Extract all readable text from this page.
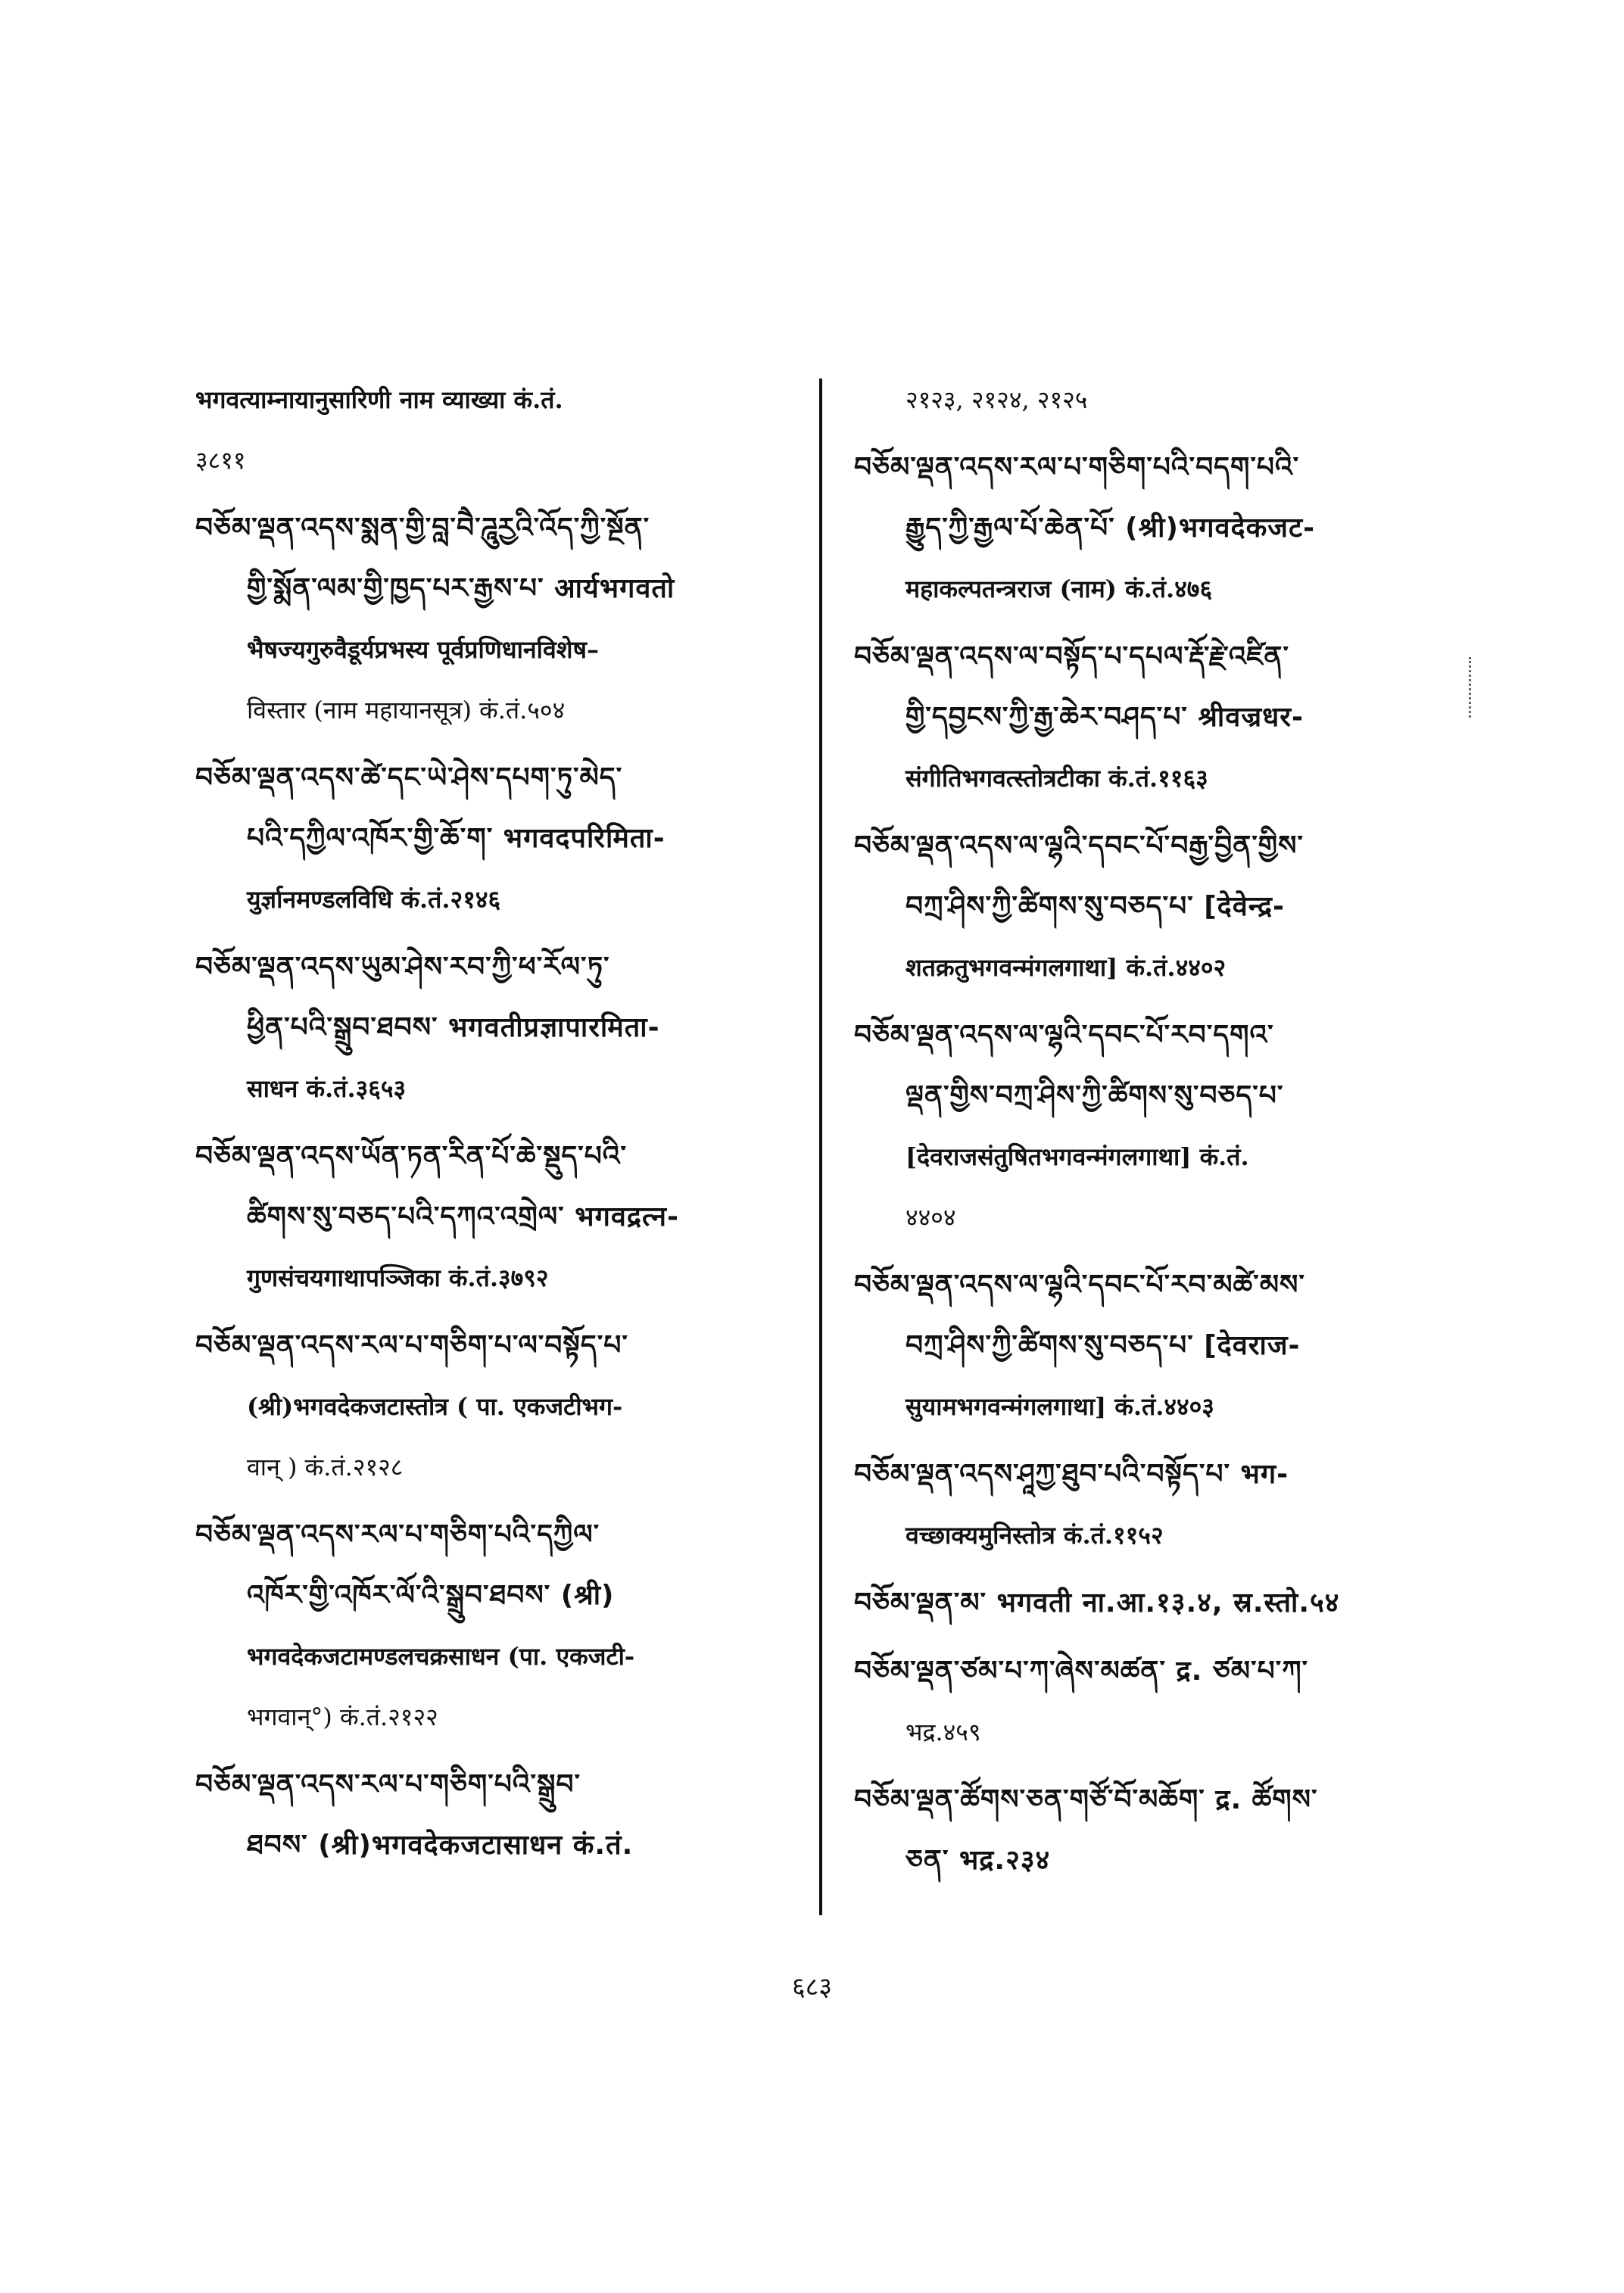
भगवत्याम्नायानुसारिणी नाम व्याख्या कं.तं.
३८११
བཅོམ་ལྡན་འདས་སྨན་གྱི་བླ་བཻ་ཌཱུརྱའི་འོད་ཀྱི་སྔོན་
གྱི་སྨོན་ལམ་གྱི་ཁྱད་པར་རྒྱས་པ་ आर्यभगवतो
भैषज्यगुरुवैडूर्यप्रभस्य पूर्वप्रणिधानविशेष–
विस्तार (नाम महायानसूत्र) कं.तं.५०४
བཅོམ་ལྡན་འདས་ཚེ་དང་ཡེ་ཤེས་དཔག་ཏུ་མེད་
པའི་དཀྱིལ་འཁོར་གྱི་ཆོ་ག་ भगवदपरिमिता-
युर्ज्ञानमण्डलविधि कं.तं.२१४६
བཅོམ་ལྡན་འདས་ཡུམ་ཤེས་རབ་ཀྱི་ཕ་རོལ་ཏུ་
ཕྱིན་པའི་སྒྲུབ་ཐབས་ भगवतीप्रज्ञापारमिता-
साधन कं.तं.३६५३
བཅོམ་ལྡན་འདས་ཡོན་ཏན་རིན་པོ་ཆེ་སྡུད་པའི་
ཚིགས་སུ་བཅད་པའི་དཀའ་འགྲེལ་ भगवद्रत्न-
गुणसंचयगाथापञ्जिका कं.तं.३७९२
བཅོམ་ལྡན་འདས་རལ་པ་གཅིག་པ་ལ་བསྟོད་པ་
(श्री)भगवदेकजटास्तोत्र ( पा. एकजटीभग-
वान् ) कं.तं.२१२८
བཅོམ་ལྡན་འདས་རལ་པ་གཅིག་པའི་དཀྱིལ་
འཁོར་གྱི་འཁོར་ལོ་འི་སྒྲུབ་ཐབས་ (श्री)
भगवदेकजटामण्डलचक्रसाधन (पा. एकजटी-
भगवान्°) कं.तं.२१२२
བཅོམ་ལྡན་འདས་རལ་པ་གཅིག་པའི་སྒྲུབ་
ཐབས་ (श्री)भगवदेकजटासाधन कं.तं.
२१२३, २१२४, २१२५
བཅོམ་ལྡན་འདས་རལ་པ་གཅིག་པའི་བདག་པའི་
རྒྱུད་ཀྱི་རྒྱལ་པོ་ཆེན་པོ་ (श्री)भगवदेकजट-
महाकल्पतन्त्रराज (नाम) कं.तं.४७६
བཅོམ་ལྡན་འདས་ལ་བསྟོད་པ་དཔལ་རྡོ་རྗེ་འཛིན་
གྱི་དབྱངས་ཀྱི་རྒྱ་ཆེར་བཤད་པ་ श्रीवज्रधर-
संगीतिभगवत्स्तोत्रटीका कं.तं.११६३
བཅོམ་ལྡན་འདས་ལ་ལྷའི་དབང་པོ་བརྒྱ་བྱིན་གྱིས་
བཀྲ་ཤིས་ཀྱི་ཚིགས་སུ་བཅད་པ་ [देवेन्द्र-
शतक्रतुभगवन्मंगलगाथा] कं.तं.४४०२
བཅོམ་ལྡན་འདས་ལ་ལྷའི་དབང་པོ་རབ་དགའ་
ལྡན་གྱིས་བཀྲ་ཤིས་ཀྱི་ཚིགས་སུ་བཅད་པ་
[देवराजसंतुषितभगवन्मंगलगाथा] कं.तं.
४४०४
བཅོམ་ལྡན་འདས་ལ་ལྷའི་དབང་པོ་རབ་མཚེ་མས་
བཀྲ་ཤིས་ཀྱི་ཚིགས་སུ་བཅད་པ་ [देवराज-
सुयामभगवन्मंगलगाथा] कं.तं.४४०३
བཅོམ་ལྡན་འདས་ཤཱཀྱ་ཐུབ་པའི་བསྟོད་པ་ भग-
वच्छाक्यमुनिस्तोत्र कं.तं.११५२
བཅོམ་ལྡན་མ་ भगवती ना.आ.१३.४, स्र.स्तो.५४
བཅོམ་ལྡན་ཙམ་པ་ཀ་ཞེས་མཚན་ द्र. ཙམ་པ་ཀ་
भद्र.४५९
བཅོམ་ལྡན་ཚོགས་ཅན་གཙོ་བོ་མཆོག་ द्र. ཚོགས་
ཅན་ भद्र.२३४
६८३
